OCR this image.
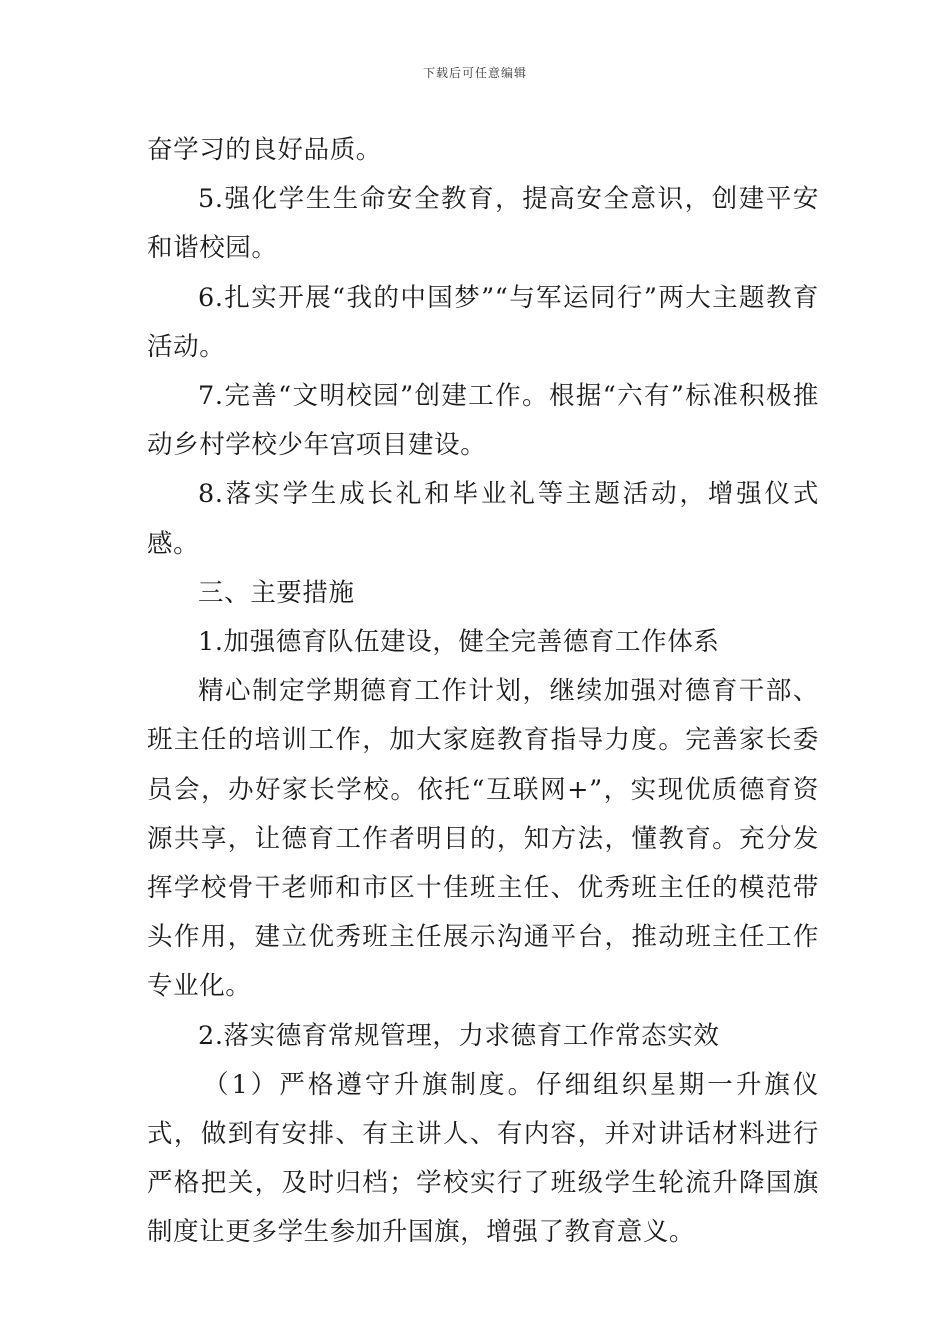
下载后可任意编辑

奋学习的良好品质。

5.强化学生生命安全教育，提高安全意识，创建平安和谐校园。

6.扎实开展“我的中国梦”“与军运同行”两大主题教育活动。

7.完善“文明校园”创建工作。根据“六有”标准积极推动乡村学校少年宫项目建设。

8.落实学生成长礼和毕业礼等主题活动，增强仪式感。

三、主要措施

1.加强德育队伍建设，健全完善德育工作体系

精心制定学期德育工作计划，继续加强对德育干部、班主任的培训工作，加大家庭教育指导力度。完善家长委员会，办好家长学校。依托“互联网+”，实现优质德育资源共享，让德育工作者明目的，知方法，懂教育。充分发挥学校骨干老师和市区十佳班主任、优秀班主任的模范带头作用，建立优秀班主任展示沟通平台，推动班主任工作专业化。

2.落实德育常规管理，力求德育工作常态实效

（1）严格遵守升旗制度。仔细组织星期一升旗仪式，做到有安排、有主讲人、有内容，并对讲话材料进行严格把关，及时归档；学校实行了班级学生轮流升降国旗制度让更多学生参加升国旗，增强了教育意义。
